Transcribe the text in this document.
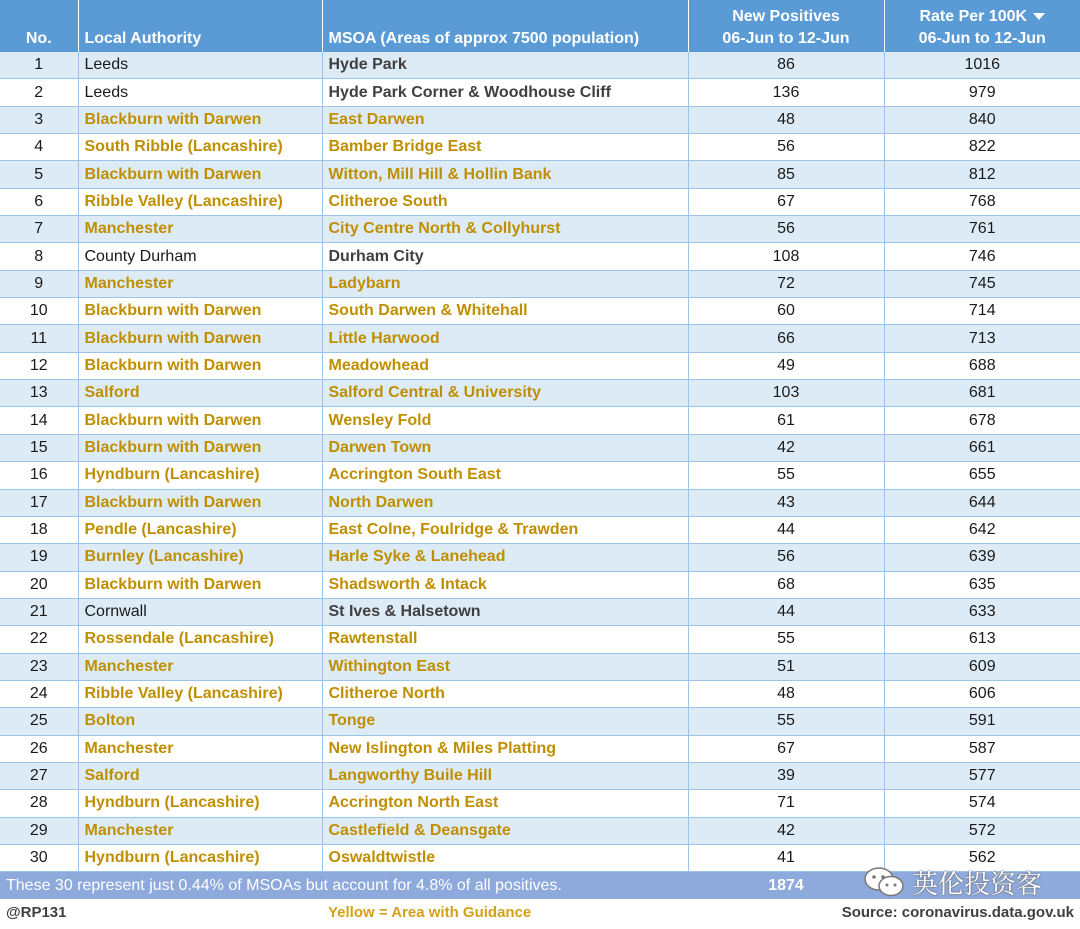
			New Positives	Rate Per 100K
No.	Local Authority	MSOA (Areas of approx 7500 population)	06-Jun to 12-Jun	06-Jun to 12-Jun
1	Leeds	Hyde Park	86	1016
2	Leeds	Hyde Park Corner & Woodhouse Cliff	136	979
3	Blackburn with Darwen	East Darwen	48	840
4	South Ribble (Lancashire)	Bamber Bridge East	56	822
5	Blackburn with Darwen	Witton, Mill Hill & Hollin Bank	85	812
6	Ribble Valley (Lancashire)	Clitheroe South	67	768
7	Manchester	City Centre North & Collyhurst	56	761
8	County Durham	Durham City	108	746
9	Manchester	Ladybarn	72	745
10	Blackburn with Darwen	South Darwen & Whitehall	60	714
11	Blackburn with Darwen	Little Harwood	66	713
12	Blackburn with Darwen	Meadowhead	49	688
13	Salford	Salford Central & University	103	681
14	Blackburn with Darwen	Wensley Fold	61	678
15	Blackburn with Darwen	Darwen Town	42	661
16	Hyndburn (Lancashire)	Accrington South East	55	655
17	Blackburn with Darwen	North Darwen	43	644
18	Pendle (Lancashire)	East Colne, Foulridge & Trawden	44	642
19	Burnley (Lancashire)	Harle Syke & Lanehead	56	639
20	Blackburn with Darwen	Shadsworth & Intack	68	635
21	Cornwall	St Ives & Halsetown	44	633
22	Rossendale (Lancashire)	Rawtenstall	55	613
23	Manchester	Withington East	51	609
24	Ribble Valley (Lancashire)	Clitheroe North	48	606
25	Bolton	Tonge	55	591
26	Manchester	New Islington & Miles Platting	67	587
27	Salford	Langworthy Buile Hill	39	577
28	Hyndburn (Lancashire)	Accrington North East	71	574
29	Manchester	Castlefield & Deansgate	42	572
30	Hyndburn (Lancashire)	Oswaldtwistle	41	562
These 30 represent just 0.44% of MSOAs but account for 4.8% of all positives.			1874	
@RP131		Yellow = Area with Guidance	Source: coronavirus.data.gov.uk	
英伦投资客
